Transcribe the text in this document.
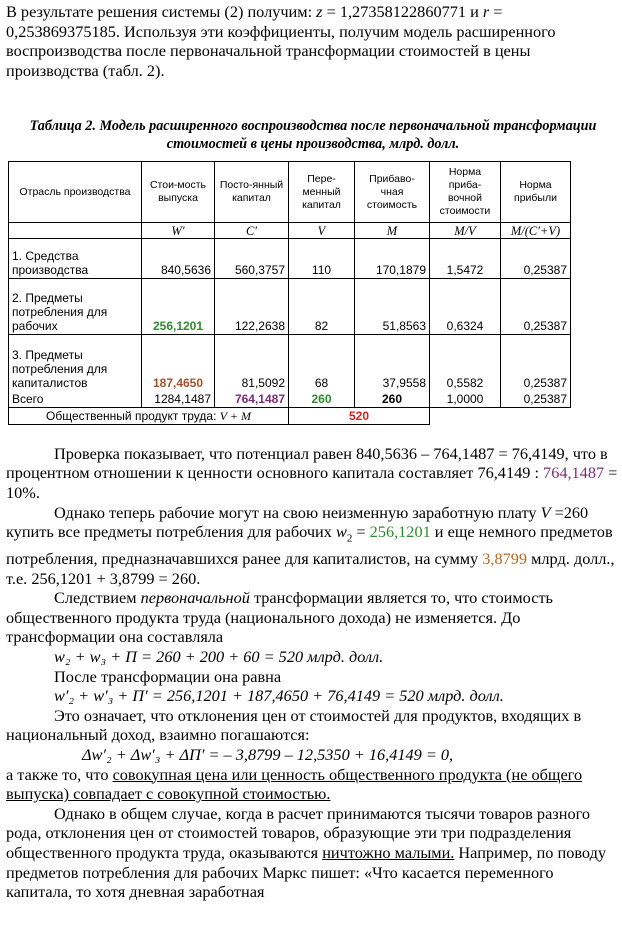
В результате решения системы (2) получим: z = 1,27358122860771 и r = 0,253869375185. Используя эти коэффициенты, получим модель расширенного воспроизводства после первоначальной трансформации стоимостей в цены производства (табл. 2).

Таблица 2. Модель расширенного воспроизводства после первоначальной трансформации стоимостей в цены производства, млрд. долл.
Отрасль производства	Стои-мость выпуска	Посто-янный капитал	Пере-менный капитал	Прибаво-чная стоимость	Норма приба-вочной стоимости	Норма прибыли
	W′	C′	V	M	M/V	M/(C′+V)
1. Средства производства	840,5636	560,3757	110	170,1879	1,5472	0,25387
2. Предметы потребления для рабочих	256,1201	122,2638	82	51,8563	0,6324	0,25387
3. Предметы потребления для капиталистов	187,4650	81,5092	68	37,9558	0,5582	0,25387
Всего	1284,1487	764,1487	260	260	1,0000	0,25387
Общественный продукт труда: V + M			520			

Проверка показывает, что потенциал равен 840,5636 – 764,1487 = 76,4149, что в процентном отношении к ценности основного капитала составляет 76,4149 : 764,1487 = 10%.

Однако теперь рабочие могут на свою неизменную заработную плату V =260 купить все предметы потребления для рабочих $w_2 = 256,1201$ и еще немного предметов потребления, предназначавшихся ранее для капиталистов, на сумму 3,8799 млрд. долл., т.е. 256,1201 + 3,8799 = 260.

Следствием первоначальной трансформации является то, что стоимость общественного продукта труда (национального дохода) не изменяется. До трансформации она составляла

w₂ + w₃ + П = 260 + 200 + 60 = 520 млрд. долл.

После трансформации она равна

w′₂ + w′₃ + П′ = 256,1201 + 187,4650 + 76,4149 = 520 млрд. долл.

Это означает, что отклонения цен от стоимостей для продуктов, входящих в национальный доход, взаимно погашаются:

Δw′₂ + Δw′₃ + ΔП′ = – 3,8799 – 12,5350 + 16,4149 = 0,

а также то, что совокупная цена или ценность общественного продукта (не общего выпуска) совпадает с совокупной стоимостью.

Однако в общем случае, когда в расчет принимаются тысячи товаров разного рода, отклонения цен от стоимостей товаров, образующие эти три подразделения общественного продукта труда, оказываются ничтожно малыми. Например, по поводу предметов потребления для рабочих Маркс пишет: «Что касается переменного капитала, то хотя дневная заработная
